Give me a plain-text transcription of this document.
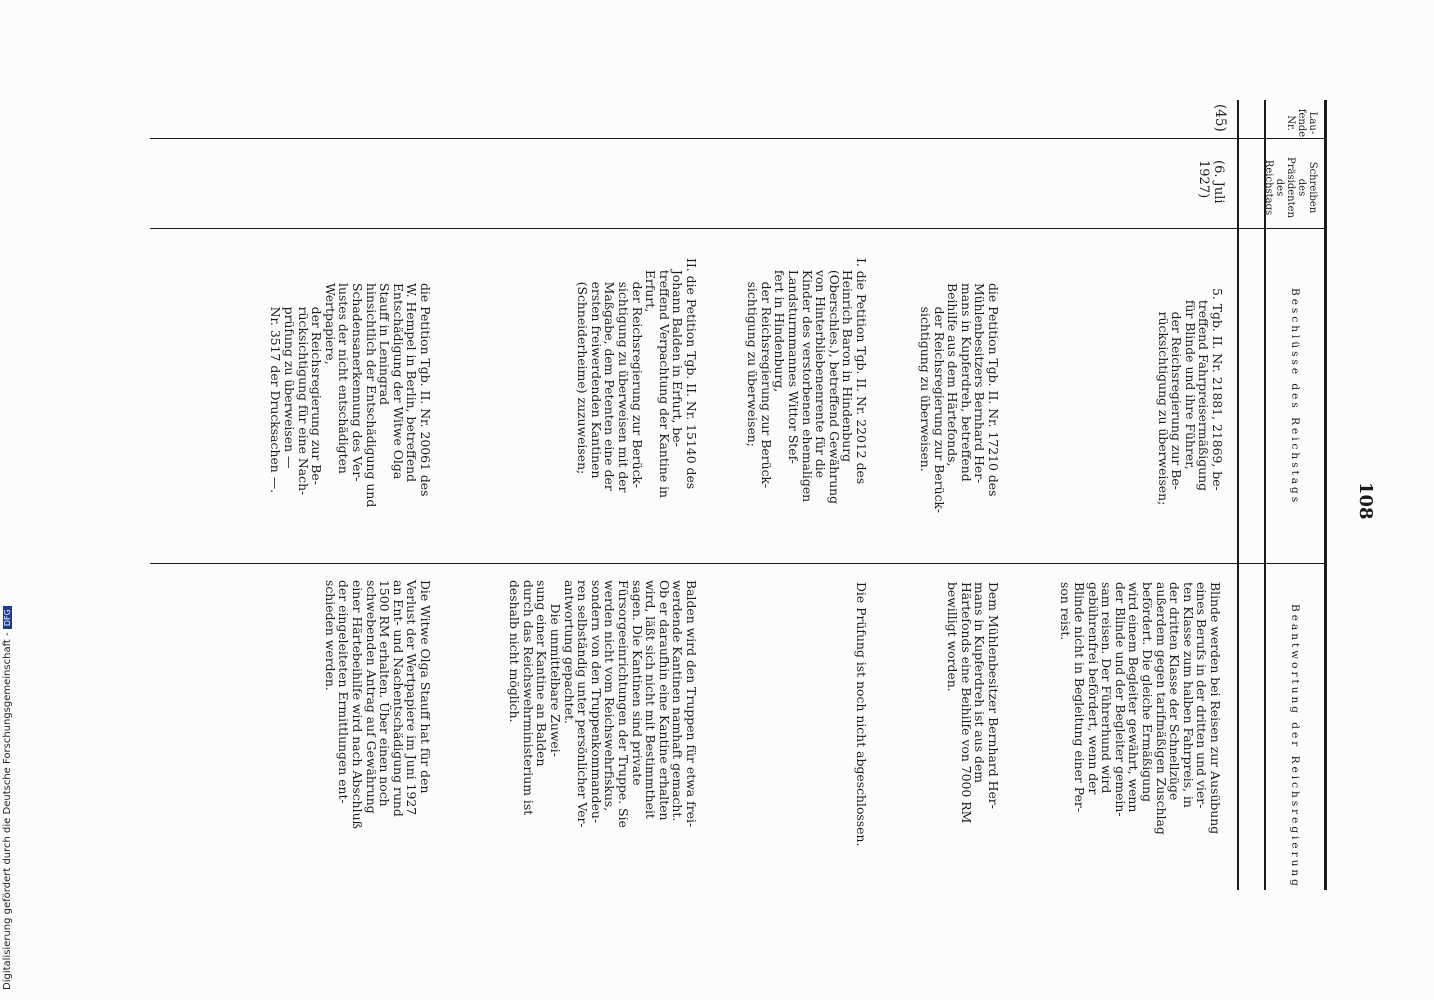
108
Lau-
fende
Nr.
Schreiben
des
Präsidenten
des
Reichstags
Beschlüsse des Reichstags
Beantwortung der Reichsregierung
(45)
(6. Juli
1927)
5. Tgb. II. Nr. 21881, 21869, be-
treffend Fahrpreisermäßigung
für Blinde und ihre Führer,
der Reichsregierung zur Be-
rücksichtigung zu überweisen;
die Petition Tgb. II. Nr. 17210 des
Mühlenbesitzers Bernhard Her-
mans in Kupferdreh, betreffend
Beihilfe aus dem Härtefonds,
der Reichsregierung zur Berück-
sichtigung zu überweisen.
I. die Petition Tgb. II. Nr. 22012 des
Heinrich Baron in Hindenburg
(Oberschles.), betreffend Gewährung
von Hinterbliebenenrente für die
Kinder des verstorbenen ehemaligen
Landsturmmannes Wittor Stef-
fert in Hindenburg,
der Reichsregierung zur Berück-
sichtigung zu überweisen;
II. die Petition Tgb. II. Nr. 15140 des
Johann Balden in Erfurt, be-
treffend Verpachtung der Kantine in
Erfurt,
der Reichsregierung zur Berück-
sichtigung zu überweisen mit der
Maßgabe, dem Petenten eine der
ersten freiwerdenden Kantinen
(Schneiderheime) zuzuweisen;
die Petition Tgb. II. Nr. 20061 des
W. Hempel in Berlin, betreffend
Entschädigung der Witwe Olga
Stauff in Leningrad
hinsichtlich der Entschädigung und
Schadensanerkennung des Ver-
lustes der nicht entschädigten
Wertpapiere,
der Reichsregierung zur Be-
rücksichtigung für eine Nach-
prüfung zu überweisen —
Nr. 3517 der Drucksachen —.
Blinde werden bei Reisen zur Ausübung
eines Berufs in der dritten und vier-
ten Klasse zum halben Fahrpreis, in
der dritten Klasse der Schnellzüge
außerdem gegen tarifmäßigen Zuschlag
befördert. Die gleiche Ermäßigung
wird einem Begleiter gewährt, wenn
der Blinde und der Begleiter gemein-
sam reisen. Der Führerhund wird
gebührenfrei befördert, wenn der
Blinde nicht in Begleitung einer Per-
son reist.
Dem Mühlenbesitzer Bernhard Her-
mans in Kupferdreh ist aus dem
Härtefonds eine Beihilfe von 7000 RM
bewilligt worden.
Die Prüfung ist noch nicht abgeschlossen.
Balden wird den Truppen für etwa frei-
werdende Kantinen namhaft gemacht.
Ob er daraufhin eine Kantine erhalten
wird, läßt sich nicht mit Bestimmtheit
sagen. Die Kantinen sind private
Fürsorgeeinrichtungen der Truppe. Sie
werden nicht vom Reichswehrfiskus,
sondern von den Truppenkommandeu-
ren selbständig unter persönlicher Ver-
antwortung gepachtet.
Die unmittelbare Zuwei-
sung einer Kantine an Balden
durch das Reichswehrministerium ist
deshalb nicht möglich.
Die Witwe Olga Stauff hat für den
Verlust der Wertpapiere im Juni 1927
an Ent- und Nachentschädigung rund
1500 RM erhalten. Über einen noch
schwebenden Antrag auf Gewährung
einer Härtebeihilfe wird nach Abschluß
der eingeleiteten Ermittlungen ent-
schieden werden.
Digitalisierung gefördert durch die Deutsche Forschungsgemeinschaft - DFG
